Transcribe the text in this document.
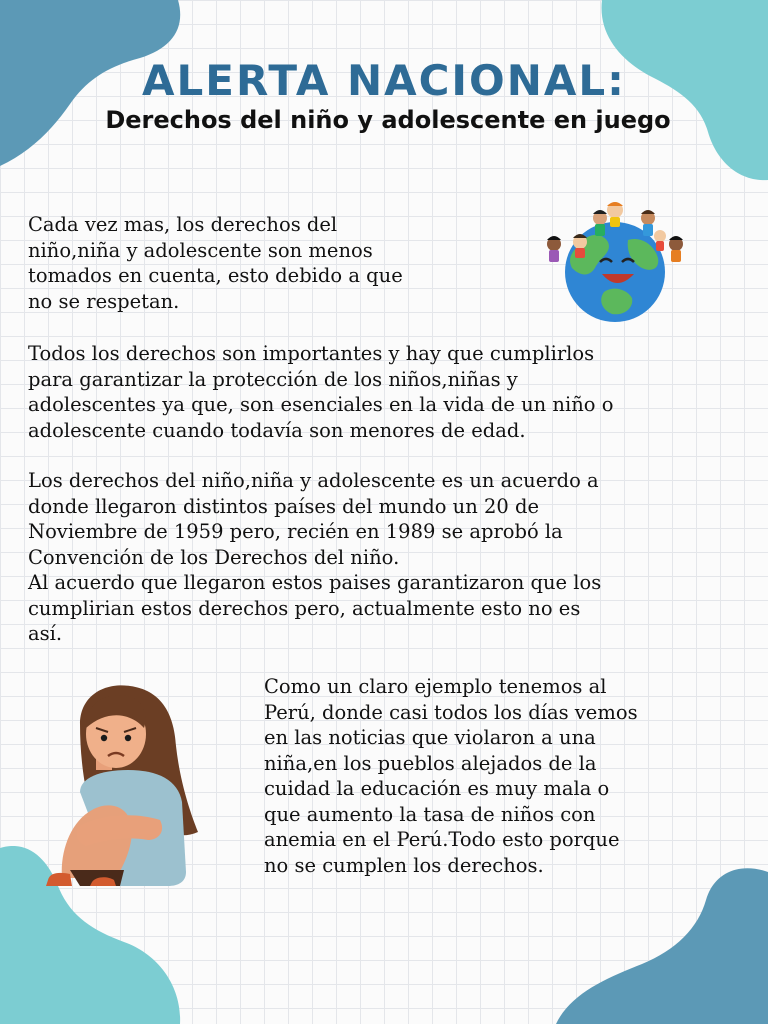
ALERTA NACIONAL:
Derechos del niño y adolescente en juego
Cada vez mas, los derechos del
niño,niña y adolescente son menos
tomados en cuenta, esto debido a que
no se respetan.
Todos los derechos son importantes y hay que cumplirlos
para garantizar la protección de los niños,niñas y
adolescentes ya que, son esenciales en la vida de un niño o
adolescente cuando todavía son menores de edad.
Los derechos del niño,niña y adolescente es un acuerdo a
donde llegaron distintos países del mundo un 20 de
Noviembre de 1959 pero, recién en 1989 se aprobó la
Convención de los Derechos del niño.
Al acuerdo que llegaron estos paises garantizaron que los
cumplirian estos derechos pero, actualmente esto no es
así.
Como un claro ejemplo tenemos al
Perú, donde casi todos los días vemos
en las noticias que violaron a una
niña,en los pueblos alejados de la
cuidad la educación es muy mala o
que aumento la tasa de niños con
anemia en el Perú.Todo esto porque
no se cumplen los derechos.
